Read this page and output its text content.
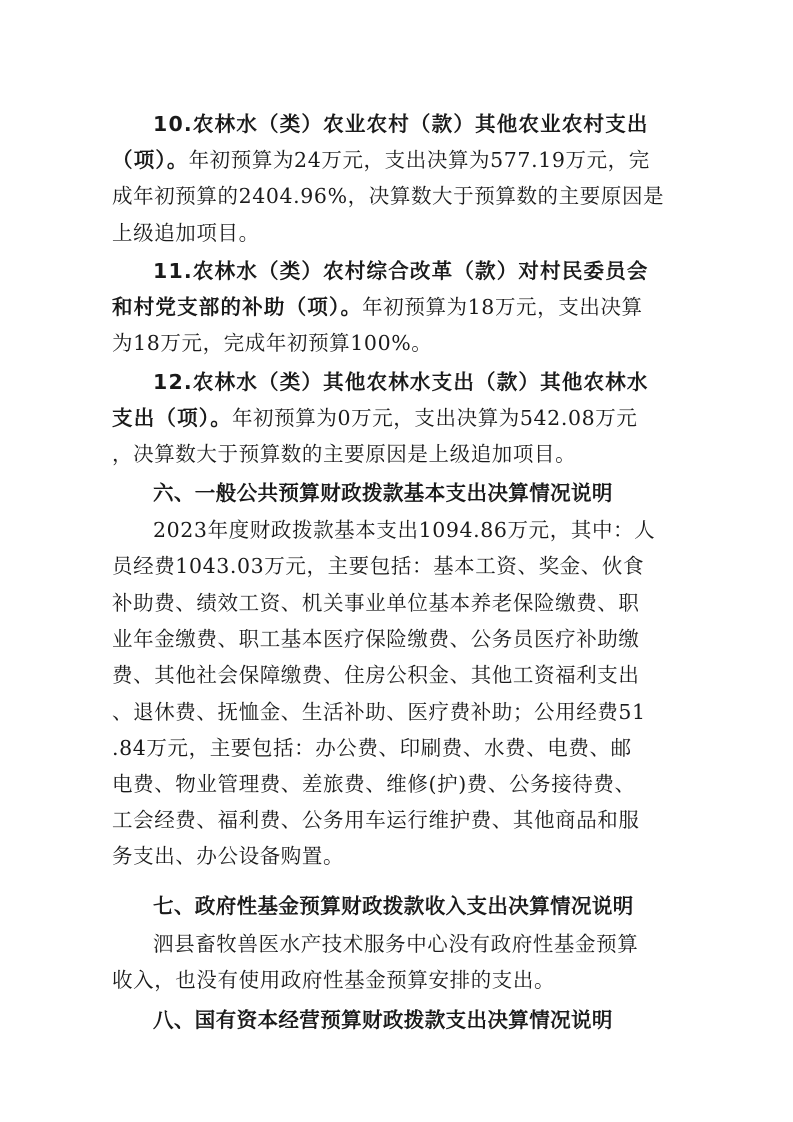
10.农林水（类）农业农村（款）其他农业农村支出
（项）。年初预算为24万元，支出决算为577.19万元，完
成年初预算的2404.96%，决算数大于预算数的主要原因是
上级追加项目。
11.农林水（类）农村综合改革（款）对村民委员会
和村党支部的补助（项）。年初预算为18万元，支出决算
为18万元，完成年初预算100%。
12.农林水（类）其他农林水支出（款）其他农林水
支出（项）。年初预算为0万元，支出决算为542.08万元
，决算数大于预算数的主要原因是上级追加项目。
六、一般公共预算财政拨款基本支出决算情况说明
2023年度财政拨款基本支出1094.86万元，其中：人
员经费1043.03万元，主要包括：基本工资、奖金、伙食
补助费、绩效工资、机关事业单位基本养老保险缴费、职
业年金缴费、职工基本医疗保险缴费、公务员医疗补助缴
费、其他社会保障缴费、住房公积金、其他工资福利支出
、退休费、抚恤金、生活补助、医疗费补助；公用经费51
.84万元，主要包括：办公费、印刷费、水费、电费、邮
电费、物业管理费、差旅费、维修(护)费、公务接待费、
工会经费、福利费、公务用车运行维护费、其他商品和服
务支出、办公设备购置。
七、政府性基金预算财政拨款收入支出决算情况说明
泗县畜牧兽医水产技术服务中心没有政府性基金预算
收入，也没有使用政府性基金预算安排的支出。
八、国有资本经营预算财政拨款支出决算情况说明
